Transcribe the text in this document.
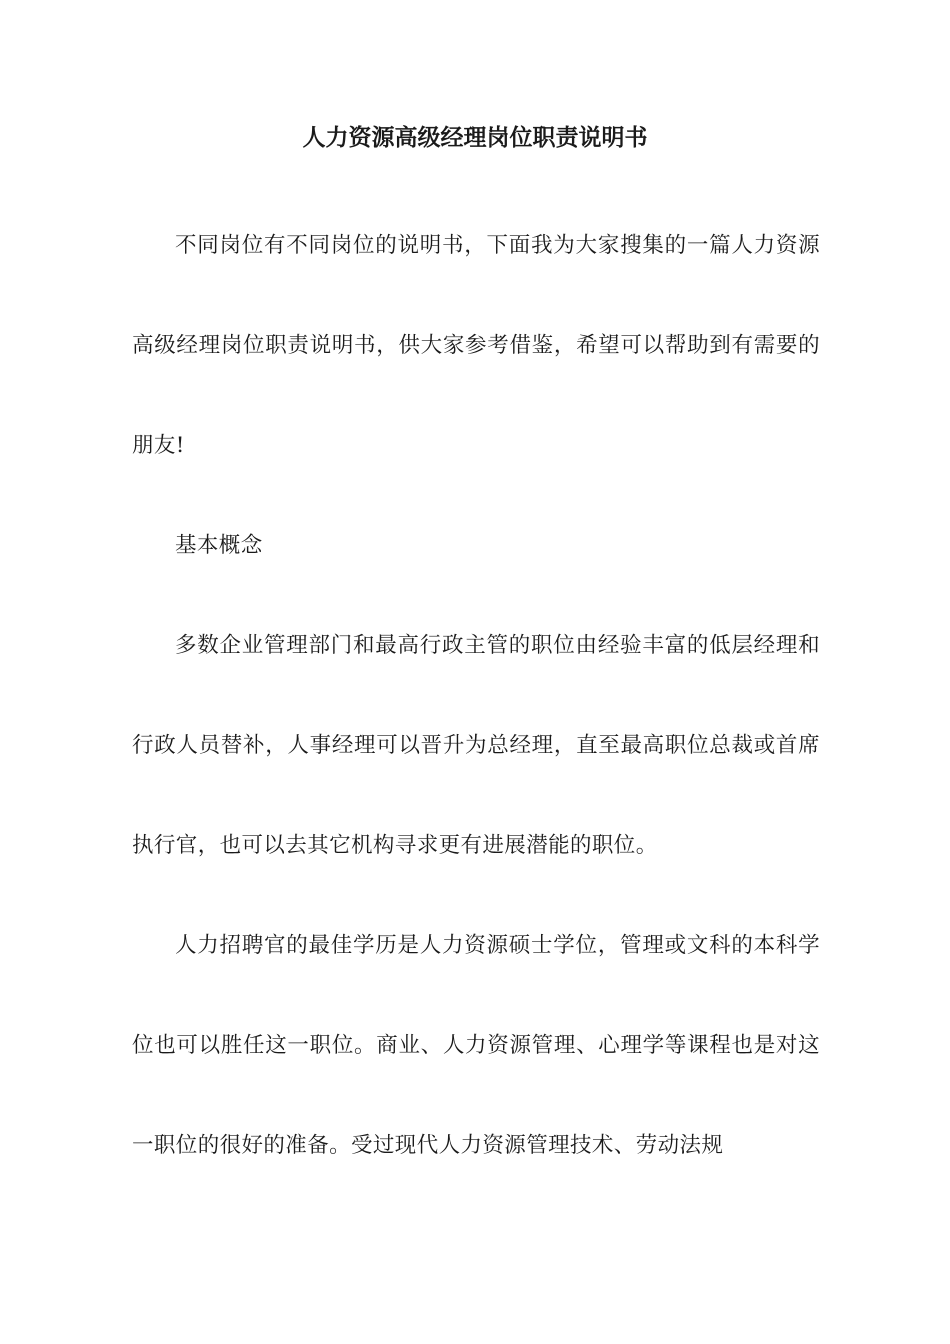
人力资源高级经理岗位职责说明书

不同岗位有不同岗位的说明书，下面我为大家搜集的一篇人力资源高级经理岗位职责说明书，供大家参考借鉴，希望可以帮助到有需要的朋友!

基本概念

多数企业管理部门和最高行政主管的职位由经验丰富的低层经理和行政人员替补，人事经理可以晋升为总经理，直至最高职位总裁或首席执行官，也可以去其它机构寻求更有进展潜能的职位。

人力招聘官的最佳学历是人力资源硕士学位，管理或文科的本科学位也可以胜任这一职位。商业、人力资源管理、心理学等课程也是对这一职位的很好的准备。受过现代人力资源管理技术、劳动法规
